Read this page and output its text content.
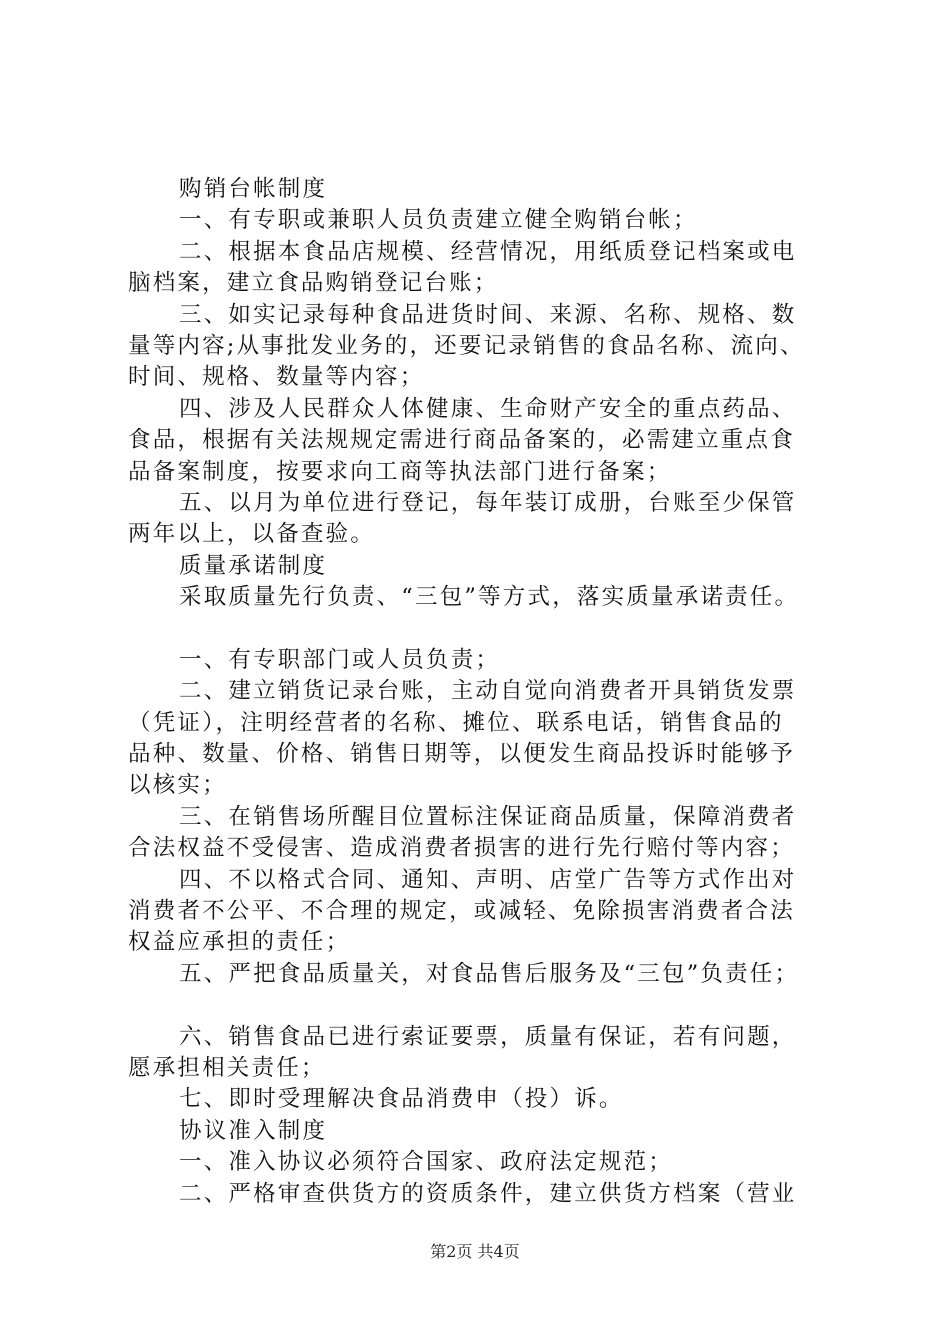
购销台帐制度
一、有专职或兼职人员负责建立健全购销台帐；
二、根据本食品店规模、经营情况，用纸质登记档案或电
脑档案，建立食品购销登记台账；
三、如实记录每种食品进货时间、来源、名称、规格、数
量等内容;从事批发业务的，还要记录销售的食品名称、流向、
时间、规格、数量等内容；
四、涉及人民群众人体健康、生命财产安全的重点药品、
食品，根据有关法规规定需进行商品备案的，必需建立重点食
品备案制度，按要求向工商等执法部门进行备案；
五、以月为单位进行登记，每年装订成册，台账至少保管
两年以上，以备查验。
质量承诺制度
采取质量先行负责、“三包”等方式，落实质量承诺责任。
一、有专职部门或人员负责；
二、建立销货记录台账，主动自觉向消费者开具销货发票
（凭证），注明经营者的名称、摊位、联系电话，销售食品的
品种、数量、价格、销售日期等，以便发生商品投诉时能够予
以核实；
三、在销售场所醒目位置标注保证商品质量，保障消费者
合法权益不受侵害、造成消费者损害的进行先行赔付等内容；
四、不以格式合同、通知、声明、店堂广告等方式作出对
消费者不公平、不合理的规定，或减轻、免除损害消费者合法
权益应承担的责任；
五、严把食品质量关，对食品售后服务及“三包”负责任；
六、销售食品已进行索证要票，质量有保证，若有问题，
愿承担相关责任；
七、即时受理解决食品消费申（投）诉。
协议准入制度
一、准入协议必须符合国家、政府法定规范；
二、严格审查供货方的资质条件，建立供货方档案（营业
第2页 共4页
